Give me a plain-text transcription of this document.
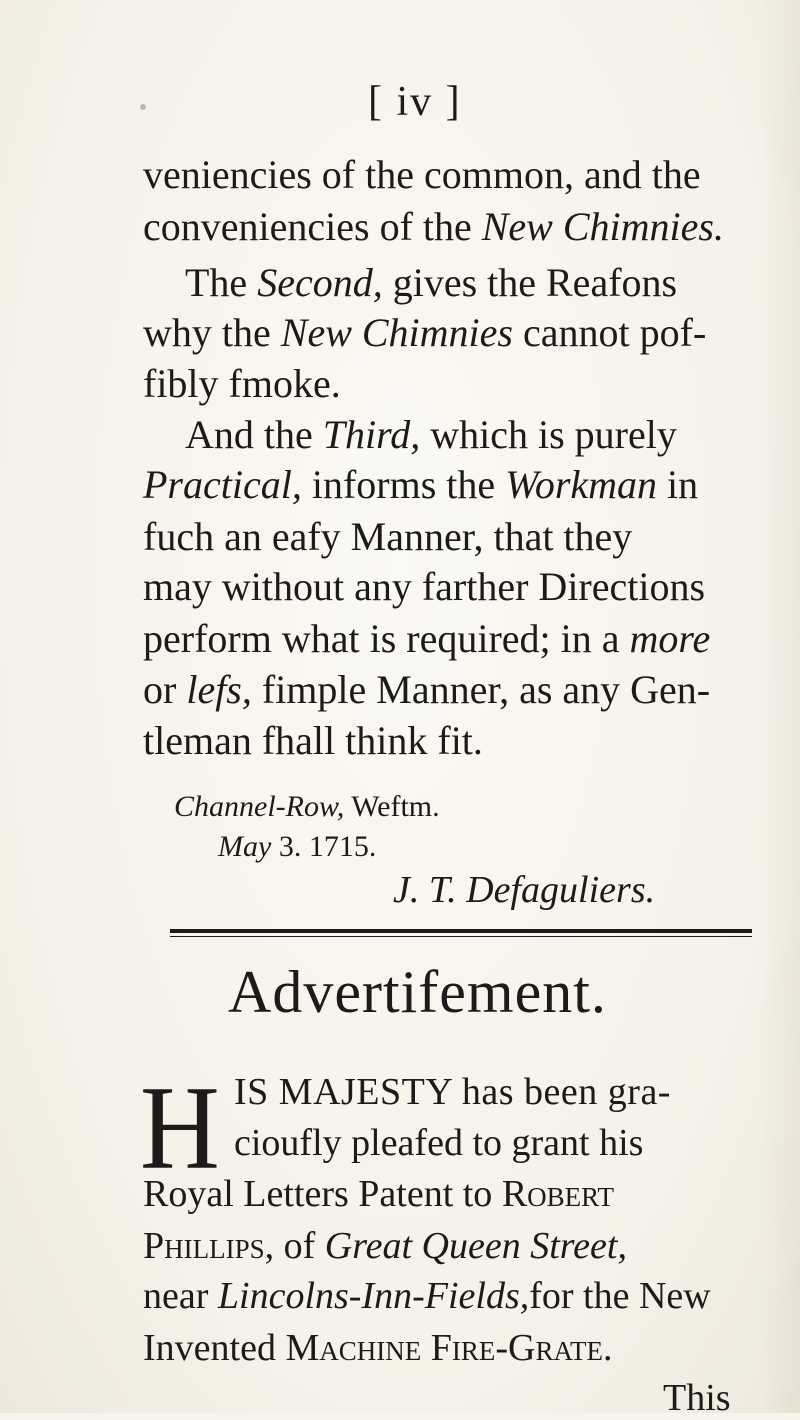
[ iv ]
veniencies of the common, and the
conveniencies of the New Chimnies.
The Second, gives the Reafons
why the New Chimnies cannot pof-
fibly fmoke.
And the Third, which is purely
Practical, informs the Workman in
fuch an eafy Manner, that they
may without any farther Directions
perform what is required; in a more
or lefs, fimple Manner, as any Gen-
tleman fhall think fit.
Channel-Row, Weftm.
May 3. 1715.
J. T. Defaguliers.
Advertifement.
H IS MAJESTY has been gra-
cioufly pleafed to grant his
Royal Letters Patent to Robert
Phillips, of Great Queen Street,
near Lincolns-Inn-Fields,for the New
Invented Machine Fire-Grate.
This
